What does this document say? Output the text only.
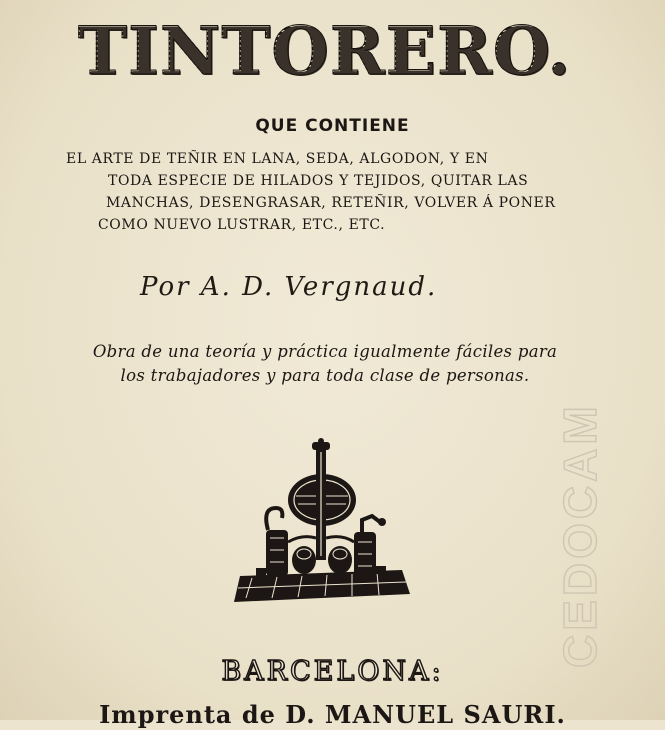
TINTORERO.

QUE CONTIENE

EL ARTE DE TEÑIR EN LANA, SEDA, ALGODON, Y EN
TODA ESPECIE DE HILADOS Y TEJIDOS, QUITAR LAS
MANCHAS, DESENGRASAR, RETEÑIR, VOLVER Á PONER
COMO NUEVO LUSTRAR, ETC., ETC.

Por A. D. Vergnaud.

Obra de una teoría y práctica igualmente fáciles para
los trabajadores y para toda clase de personas.

CEDOCAM

BARCELONA:

Imprenta de D. MANUEL SAURI.
